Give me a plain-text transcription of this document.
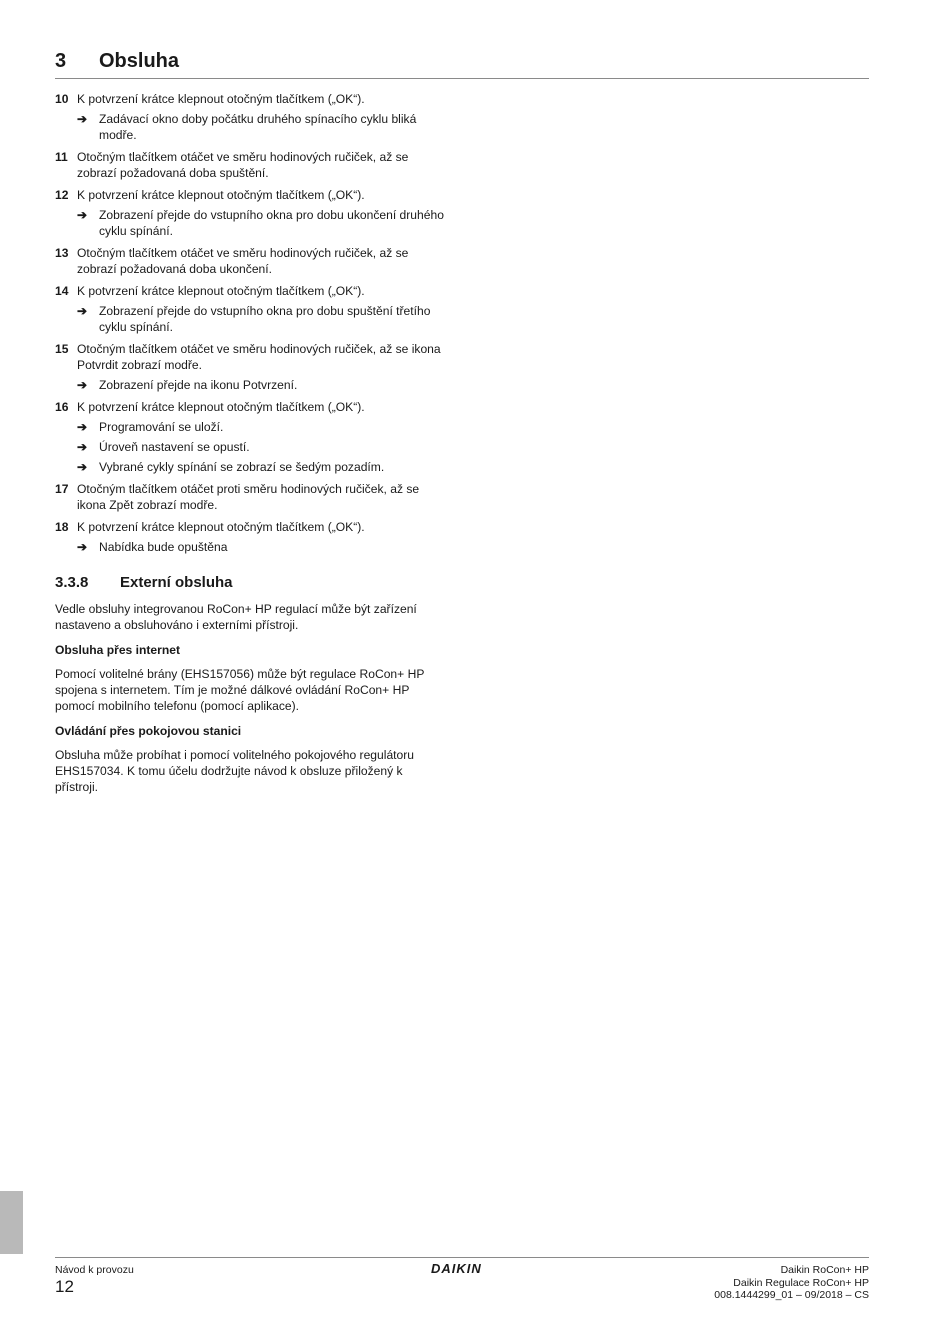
3 Obsluha
10 K potvrzení krátce klepnout otočným tlačítkem („OK“).
➔ Zadávací okno doby počátku druhého spínacího cyklu bliká modře.
11 Otočným tlačítkem otáčet ve směru hodinových ručiček, až se zobrazí požadovaná doba spuštění.
12 K potvrzení krátce klepnout otočným tlačítkem („OK“).
➔ Zobrazení přejde do vstupního okna pro dobu ukončení druhého cyklu spínání.
13 Otočným tlačítkem otáčet ve směru hodinových ručiček, až se zobrazí požadovaná doba ukončení.
14 K potvrzení krátce klepnout otočným tlačítkem („OK“).
➔ Zobrazení přejde do vstupního okna pro dobu spuštění třetího cyklu spínání.
15 Otočným tlačítkem otáčet ve směru hodinových ručiček, až se ikona Potvrdit zobrazí modře.
➔ Zobrazení přejde na ikonu Potvrzení.
16 K potvrzení krátce klepnout otočným tlačítkem („OK“).
➔ Programování se uloží.
➔ Úroveň nastavení se opustí.
➔ Vybrané cykly spínání se zobrazí se šedým pozadím.
17 Otočným tlačítkem otáčet proti směru hodinových ručiček, až se ikona Zpět zobrazí modře.
18 K potvrzení krátce klepnout otočným tlačítkem („OK“).
➔ Nabídka bude opuštěna
3.3.8	Externí obsluha
Vedle obsluhy integrovanou RoCon+ HP regulací může být zařízení nastaveno a obsluhováno i externími přístroji.
Obsluha přes internet
Pomocí volitelné brány (EHS157056) může být regulace RoCon+ HP spojena s internetem. Tím je možné dálkové ovládání RoCon+ HP pomocí mobilního telefonu (pomocí aplikace).
Ovládání přes pokojovou stanici
Obsluha může probíhat i pomocí volitelného pokojového regulátoru EHS157034. K tomu účelu dodržujte návod k obsluze přiložený k přístroji.
Návod k provozu
12
DAIKIN	Daikin RoCon+ HP
Daikin Regulace RoCon+ HP
008.1444299_01 – 09/2018 – CS
